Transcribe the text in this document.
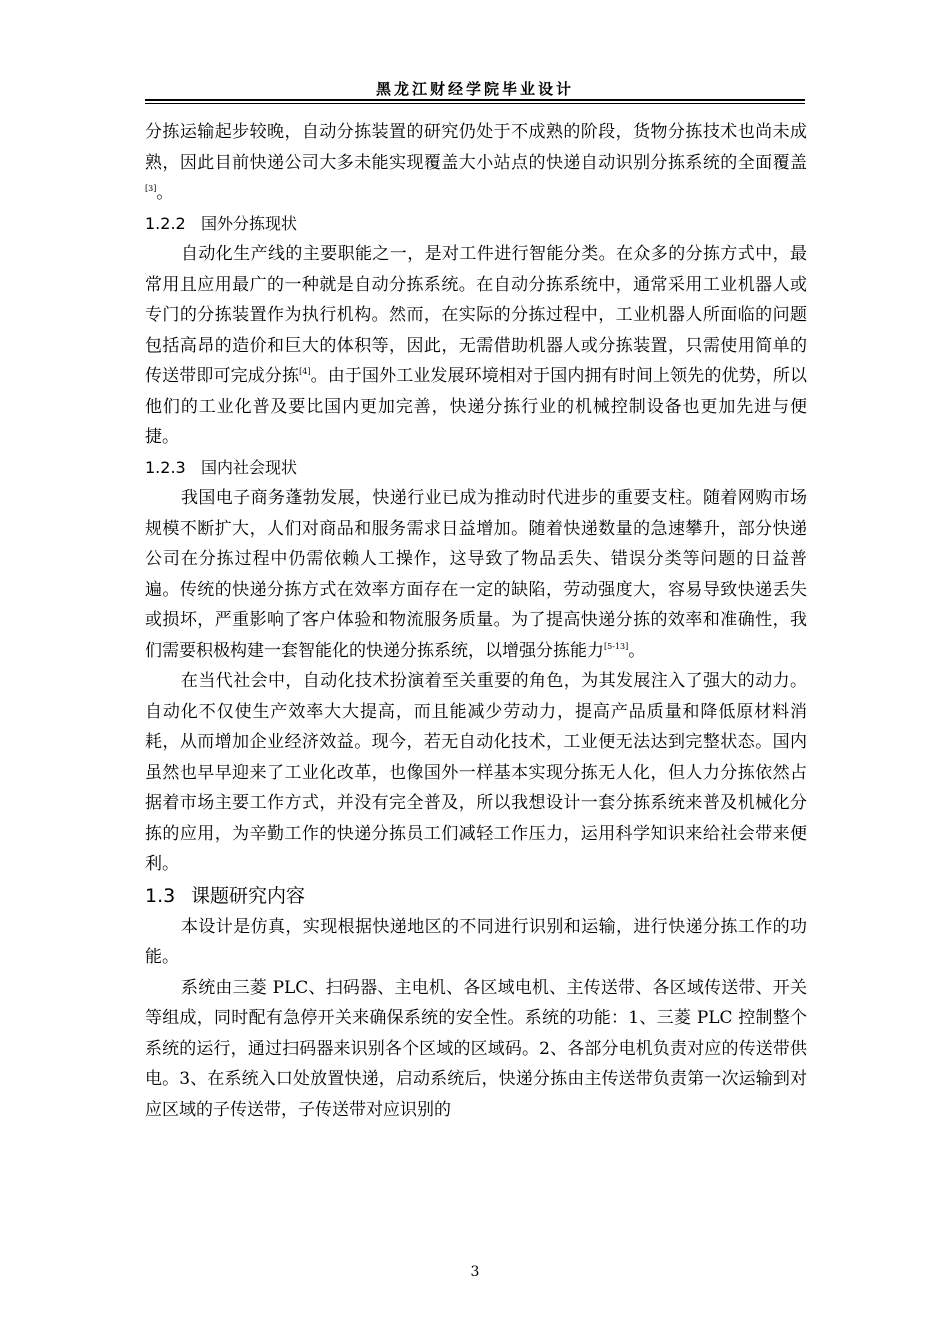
黑龙江财经学院毕业设计

分拣运输起步较晚，自动分拣装置的研究仍处于不成熟的阶段，货物分拣技术也尚未成熟，因此目前快递公司大多未能实现覆盖大小站点的快递自动识别分拣系统的全面覆盖[3]。

1.2.2 国外分拣现状

自动化生产线的主要职能之一，是对工件进行智能分类。在众多的分拣方式中，最常用且应用最广的一种就是自动分拣系统。在自动分拣系统中，通常采用工业机器人或专门的分拣装置作为执行机构。然而，在实际的分拣过程中，工业机器人所面临的问题包括高昂的造价和巨大的体积等，因此，无需借助机器人或分拣装置，只需使用简单的传送带即可完成分拣[4]。由于国外工业发展环境相对于国内拥有时间上领先的优势，所以他们的工业化普及要比国内更加完善，快递分拣行业的机械控制设备也更加先进与便捷。

1.2.3 国内社会现状

我国电子商务蓬勃发展，快递行业已成为推动时代进步的重要支柱。随着网购市场规模不断扩大，人们对商品和服务需求日益增加。随着快递数量的急速攀升，部分快递公司在分拣过程中仍需依赖人工操作，这导致了物品丢失、错误分类等问题的日益普遍。传统的快递分拣方式在效率方面存在一定的缺陷，劳动强度大，容易导致快递丢失或损坏，严重影响了客户体验和物流服务质量。为了提高快递分拣的效率和准确性，我们需要积极构建一套智能化的快递分拣系统，以增强分拣能力[5-13]。

在当代社会中，自动化技术扮演着至关重要的角色，为其发展注入了强大的动力。自动化不仅使生产效率大大提高，而且能减少劳动力，提高产品质量和降低原材料消耗，从而增加企业经济效益。现今，若无自动化技术，工业便无法达到完整状态。国内虽然也早早迎来了工业化改革，也像国外一样基本实现分拣无人化，但人力分拣依然占据着市场主要工作方式，并没有完全普及，所以我想设计一套分拣系统来普及机械化分拣的应用，为辛勤工作的快递分拣员工们减轻工作压力，运用科学知识来给社会带来便利。

1.3 课题研究内容

本设计是仿真，实现根据快递地区的不同进行识别和运输，进行快递分拣工作的功能。

系统由三菱 PLC、扫码器、主电机、各区域电机、主传送带、各区域传送带、开关等组成，同时配有急停开关来确保系统的安全性。系统的功能：1、三菱 PLC 控制整个系统的运行，通过扫码器来识别各个区域的区域码。2、各部分电机负责对应的传送带供电。3、在系统入口处放置快递，启动系统后，快递分拣由主传送带负责第一次运输到对应区域的子传送带，子传送带对应识别的

3
